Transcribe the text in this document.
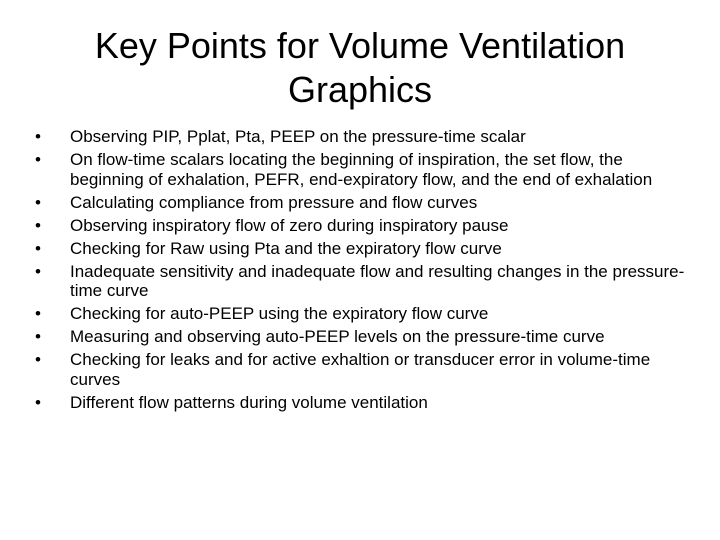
Key Points for Volume Ventilation
Graphics
•	Observing PIP, Pplat, Pta, PEEP on the pressure-time scalar
•	On flow-time scalars locating the beginning of inspiration, the set flow, the beginning of exhalation, PEFR, end-expiratory flow, and the end of exhalation
•	Calculating compliance from pressure and flow curves
•	Observing inspiratory flow of zero during inspiratory pause
•	Checking for Raw using Pta and the expiratory flow curve
•	Inadequate sensitivity and inadequate flow and resulting changes in the pressure-time curve
•	Checking for auto-PEEP using the expiratory flow curve
•	Measuring and observing auto-PEEP levels on the pressure-time curve
•	Checking for leaks and for active exhaltion or transducer error in volume-time curves
•	Different flow patterns during volume ventilation
